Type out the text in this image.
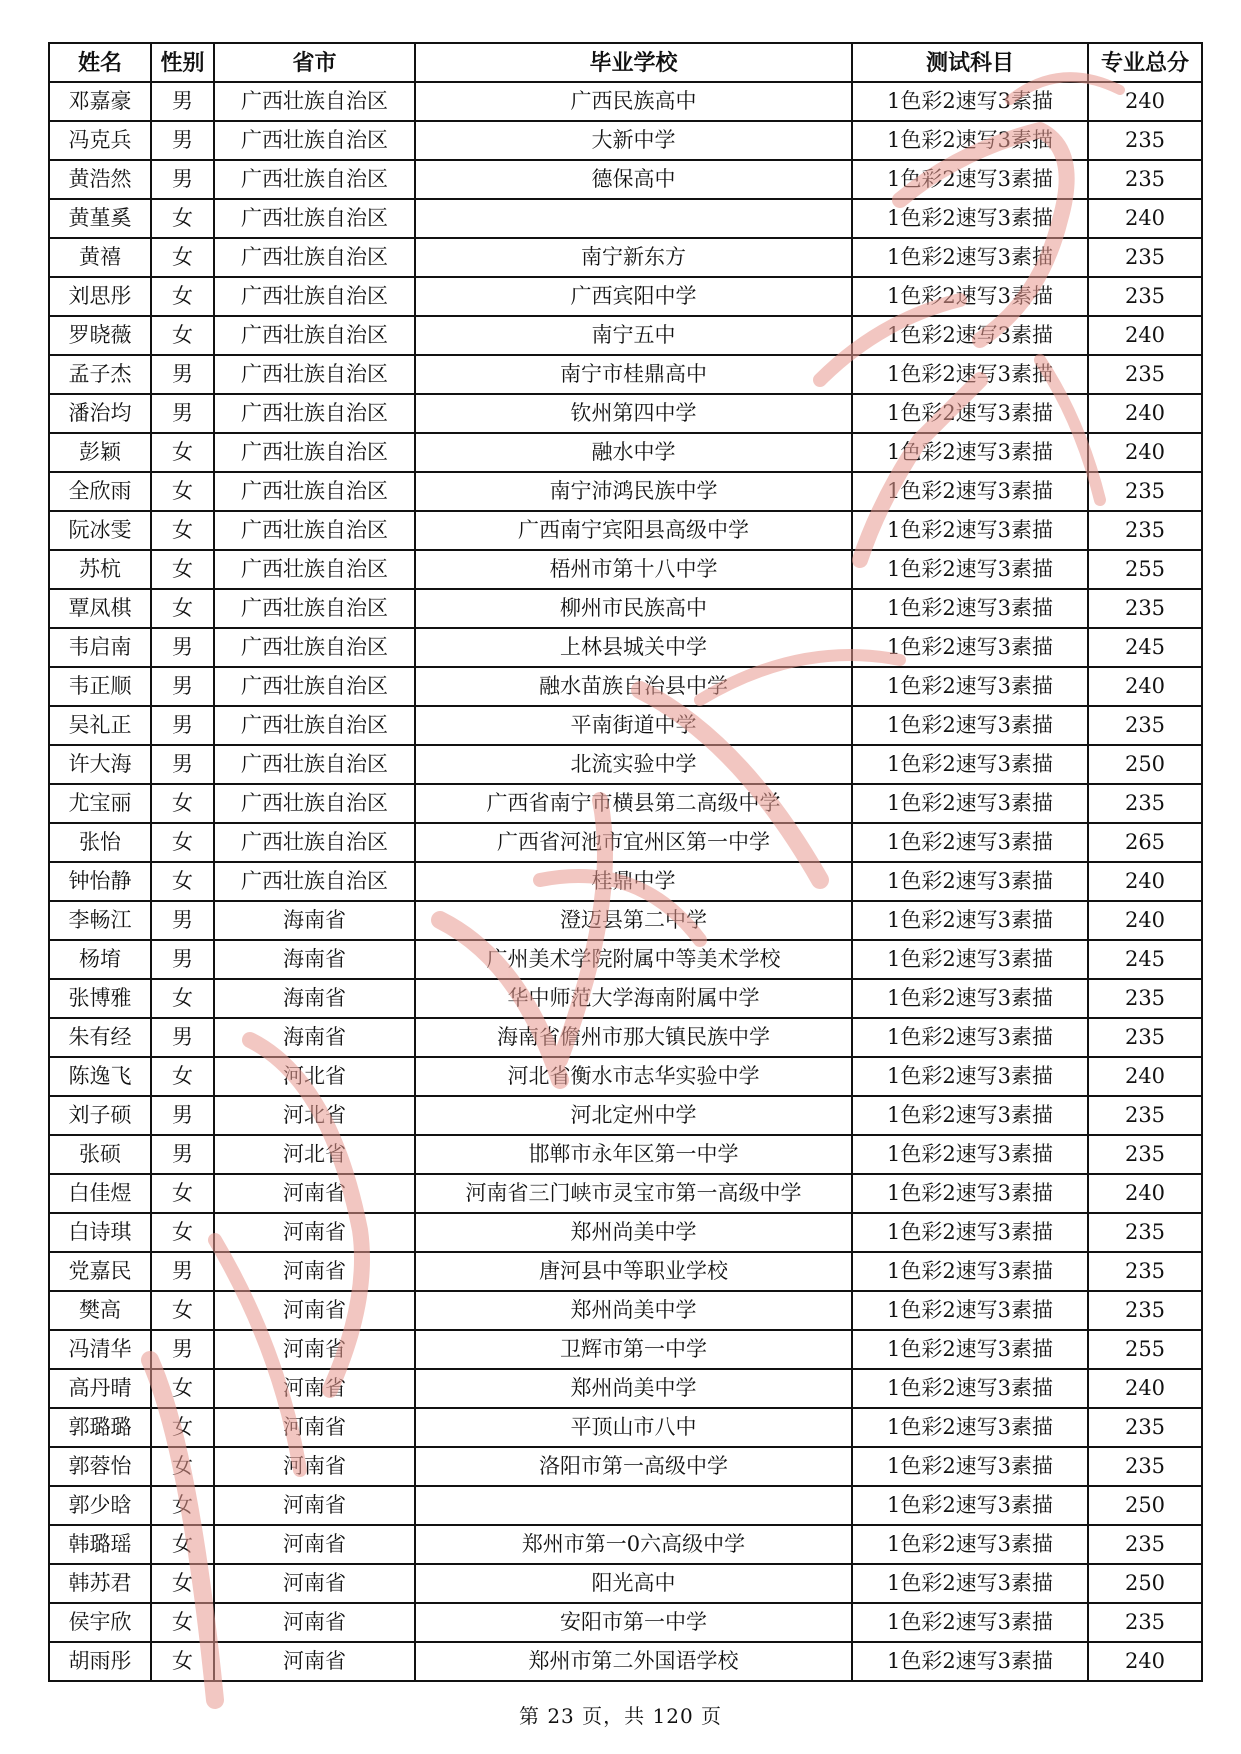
姓名	性别	省市	毕业学校	测试科目	专业总分
邓嘉豪	男	广西壮族自治区	广西民族高中	1色彩2速写3素描	240
冯克兵	男	广西壮族自治区	大新中学	1色彩2速写3素描	235
黄浩然	男	广西壮族自治区	德保高中	1色彩2速写3素描	235
黄堇奚	女	广西壮族自治区		1色彩2速写3素描	240
黄禧	女	广西壮族自治区	南宁新东方	1色彩2速写3素描	235
刘思彤	女	广西壮族自治区	广西宾阳中学	1色彩2速写3素描	235
罗晓薇	女	广西壮族自治区	南宁五中	1色彩2速写3素描	240
孟子杰	男	广西壮族自治区	南宁市桂鼎高中	1色彩2速写3素描	235
潘治均	男	广西壮族自治区	钦州第四中学	1色彩2速写3素描	240
彭颖	女	广西壮族自治区	融水中学	1色彩2速写3素描	240
全欣雨	女	广西壮族自治区	南宁沛鸿民族中学	1色彩2速写3素描	235
阮冰雯	女	广西壮族自治区	广西南宁宾阳县高级中学	1色彩2速写3素描	235
苏杭	女	广西壮族自治区	梧州市第十八中学	1色彩2速写3素描	255
覃凤棋	女	广西壮族自治区	柳州市民族高中	1色彩2速写3素描	235
韦启南	男	广西壮族自治区	上林县城关中学	1色彩2速写3素描	245
韦正顺	男	广西壮族自治区	融水苗族自治县中学	1色彩2速写3素描	240
吴礼正	男	广西壮族自治区	平南街道中学	1色彩2速写3素描	235
许大海	男	广西壮族自治区	北流实验中学	1色彩2速写3素描	250
尤宝丽	女	广西壮族自治区	广西省南宁市横县第二高级中学	1色彩2速写3素描	235
张怡	女	广西壮族自治区	广西省河池市宜州区第一中学	1色彩2速写3素描	265
钟怡静	女	广西壮族自治区	桂鼎中学	1色彩2速写3素描	240
李畅江	男	海南省	澄迈县第二中学	1色彩2速写3素描	240
杨堉	男	海南省	广州美术学院附属中等美术学校	1色彩2速写3素描	245
张博雅	女	海南省	华中师范大学海南附属中学	1色彩2速写3素描	235
朱有经	男	海南省	海南省儋州市那大镇民族中学	1色彩2速写3素描	235
陈逸飞	女	河北省	河北省衡水市志华实验中学	1色彩2速写3素描	240
刘子硕	男	河北省	河北定州中学	1色彩2速写3素描	235
张硕	男	河北省	邯郸市永年区第一中学	1色彩2速写3素描	235
白佳煜	女	河南省	河南省三门峡市灵宝市第一高级中学	1色彩2速写3素描	240
白诗琪	女	河南省	郑州尚美中学	1色彩2速写3素描	235
党嘉民	男	河南省	唐河县中等职业学校	1色彩2速写3素描	235
樊高	女	河南省	郑州尚美中学	1色彩2速写3素描	235
冯清华	男	河南省	卫辉市第一中学	1色彩2速写3素描	255
高丹晴	女	河南省	郑州尚美中学	1色彩2速写3素描	240
郭璐璐	女	河南省	平顶山市八中	1色彩2速写3素描	235
郭蓉怡	女	河南省	洛阳市第一高级中学	1色彩2速写3素描	235
郭少晗	女	河南省		1色彩2速写3素描	250
韩璐瑶	女	河南省	郑州市第一0六高级中学	1色彩2速写3素描	235
韩苏君	女	河南省	阳光高中	1色彩2速写3素描	250
侯宇欣	女	河南省	安阳市第一中学	1色彩2速写3素描	235
胡雨彤	女	河南省	郑州市第二外国语学校	1色彩2速写3素描	240
第 23 页，共 120 页
